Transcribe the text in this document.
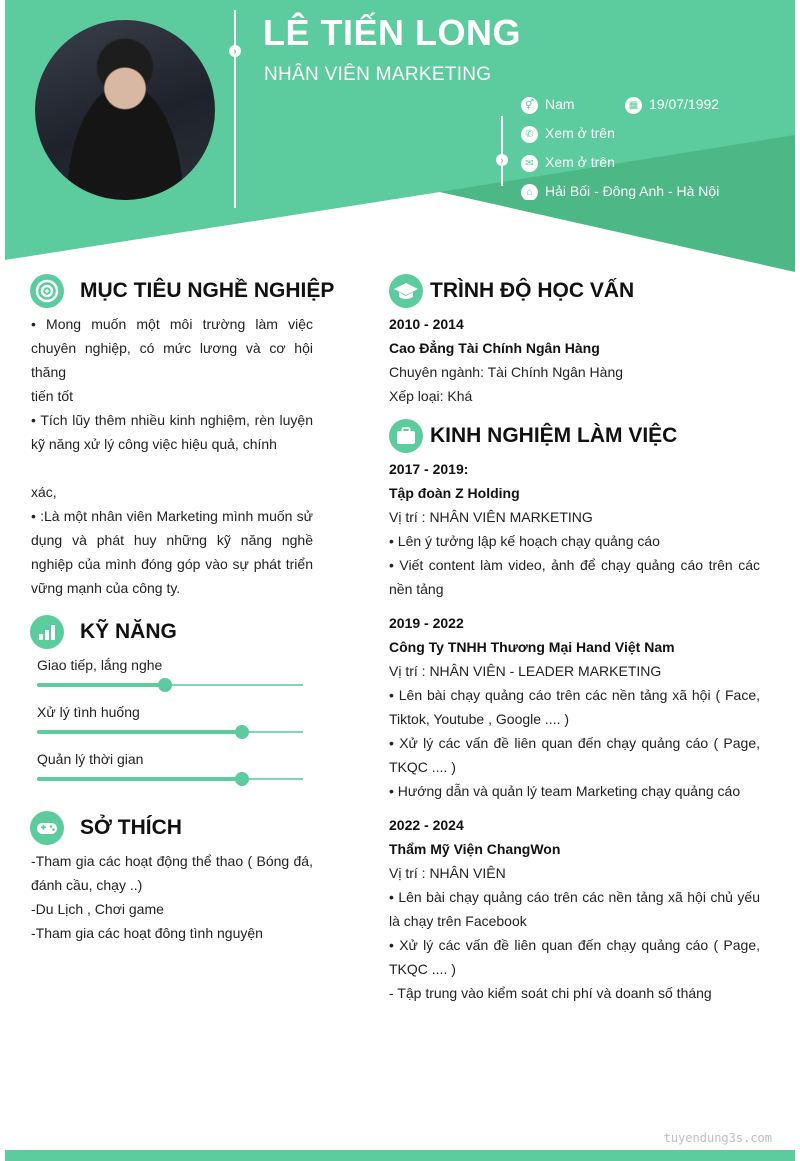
› LÊ TIẾN LONG
NHÂN VIÊN MARKETING
›
⚥ Nam	▦ 19/07/1992
✆ Xem ở trên
✉ Xem ở trên
⌂ Hải Bối - Đông Anh - Hà Nội
MỤC TIÊU NGHỀ NGHIỆP
• Mong muốn một môi trường làm việc chuyên nghiệp, có mức lương và cơ hội thăng
tiến tốt
• Tích lũy thêm nhiều kinh nghiệm, rèn luyện kỹ năng xử lý công việc hiệu quả, chính
xác,
• :Là một nhân viên Marketing mình muốn sử dụng và phát huy những kỹ năng nghề nghiệp của mình đóng góp vào sự phát triển vững mạnh của công ty.
KỸ NĂNG
Giao tiếp, lắng nghe
Xử lý tình huống
Quản lý thời gian
SỞ THÍCH
-Tham gia các hoạt động thể thao ( Bóng đá, đánh cầu, chạy ..)
-Du Lịch , Chơi game
-Tham gia các hoạt đông tình nguyện
TRÌNH ĐỘ HỌC VẤN
2010 - 2014
Cao Đẳng Tài Chính Ngân Hàng
Chuyên ngành: Tài Chính Ngân Hàng
Xếp loại: Khá
KINH NGHIỆM LÀM VIỆC
2017 - 2019:
Tập đoàn Z Holding
Vị trí : NHÂN VIÊN MARKETING
• Lên ý tưởng lập kế hoạch chạy quảng cáo
• Viết content làm video, ảnh để chạy quảng cáo trên các nền tảng
2019 - 2022
Công Ty TNHH Thương Mại Hand Việt Nam
Vị trí : NHÂN VIÊN - LEADER MARKETING
• Lên bài chạy quảng cáo trên các nền tảng xã hội ( Face, Tiktok, Youtube , Google .... )
• Xử lý các vấn đề liên quan đến chạy quảng cáo ( Page, TKQC .... )
• Hướng dẫn và quản lý team Marketing chạy quảng cáo
2022 - 2024
Thẩm Mỹ Viện ChangWon
Vị trí : NHÂN VIÊN
• Lên bài chạy quảng cáo trên các nền tảng xã hội chủ yếu là chạy trên Facebook
• Xử lý các vấn đề liên quan đến chạy quảng cáo ( Page, TKQC .... )
- Tập trung vào kiểm soát chi phí và doanh số tháng
tuyendung3s.com
